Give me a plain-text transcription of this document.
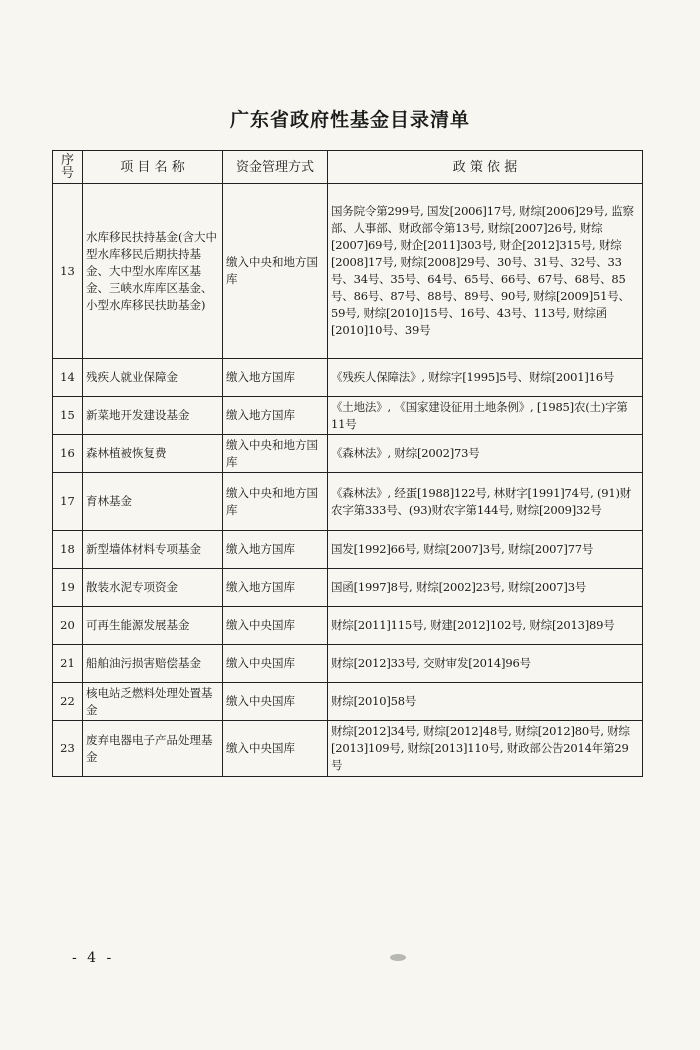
广东省政府性基金目录清单
序号	项 目 名 称	资金管理方式	政 策 依 据
13	水库移民扶持基金(含大中型水库移民后期扶持基金、大中型水库库区基金、三峡水库库区基金、小型水库移民扶助基金)	缴入中央和地方国库	国务院令第299号, 国发[2006]17号, 财综[2006]29号, 监察部、人事部、财政部令第13号, 财综[2007]26号, 财综[2007]69号, 财企[2011]303号, 财企[2012]315号, 财综[2008]17号, 财综[2008]29号、30号、31号、32号、33号、34号、35号、64号、65号、66号、67号、68号、85号、86号、87号、88号、89号、90号, 财综[2009]51号、59号, 财综[2010]15号、16号、43号、113号, 财综函[2010]10号、39号
14	残疾人就业保障金	缴入地方国库	《残疾人保障法》, 财综字[1995]5号、财综[2001]16号
15	新菜地开发建设基金	缴入地方国库	《土地法》, 《国家建设征用土地条例》, [1985]农(土)字第11号
16	森林植被恢复费	缴入中央和地方国库	《森林法》, 财综[2002]73号
17	育林基金	缴入中央和地方国库	《森林法》, 经蛋[1988]122号, 林财字[1991]74号, (91)财农字第333号、(93)财农字第144号, 财综[2009]32号
18	新型墙体材料专项基金	缴入地方国库	国发[1992]66号, 财综[2007]3号, 财综[2007]77号
19	散装水泥专项资金	缴入地方国库	国函[1997]8号, 财综[2002]23号, 财综[2007]3号
20	可再生能源发展基金	缴入中央国库	财综[2011]115号, 财建[2012]102号, 财综[2013]89号
21	船舶油污损害赔偿基金	缴入中央国库	财综[2012]33号, 交财审发[2014]96号
22	核电站乏燃料处理处置基金	缴入中央国库	财综[2010]58号
23	废弃电器电子产品处理基金	缴入中央国库	财综[2012]34号, 财综[2012]48号, 财综[2012]80号, 财综[2013]109号, 财综[2013]110号, 财政部公告2014年第29号
- 4 -
